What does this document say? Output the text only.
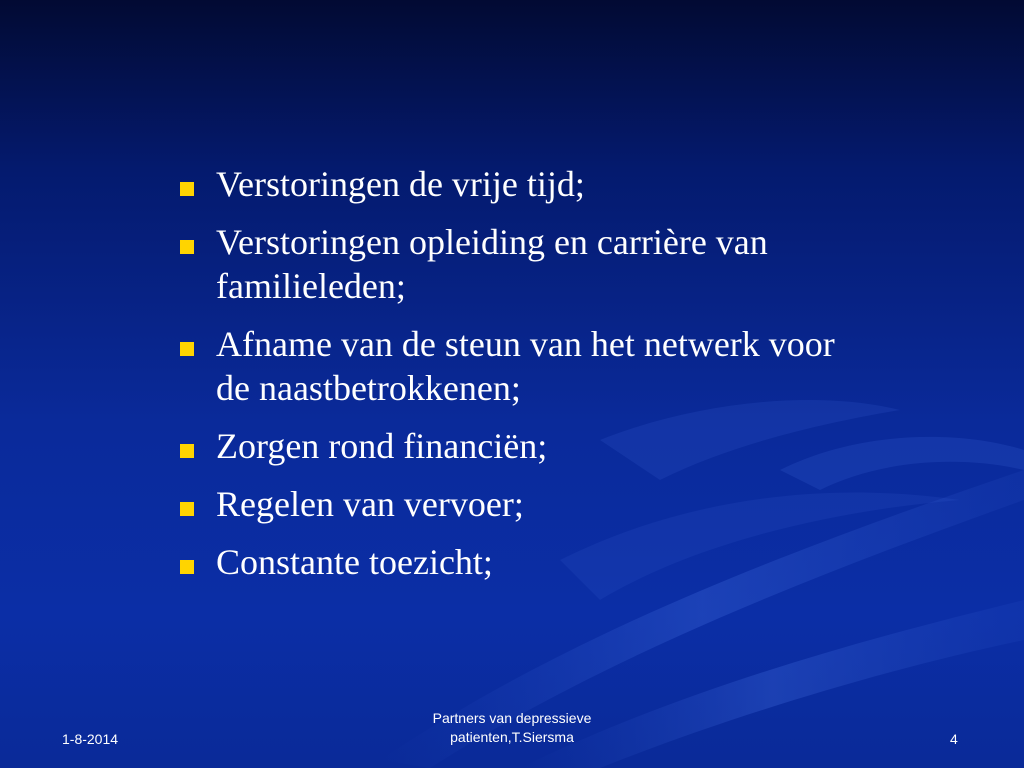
Verstoringen de vrije tijd;
Verstoringen opleiding en carrière van familieleden;
Afname van de steun van het netwerk voor de naastbetrokkenen;
Zorgen rond financiën;
Regelen van vervoer;
Constante toezicht;
1-8-2014
Partners van depressieve
patienten,T.Siersma	4
